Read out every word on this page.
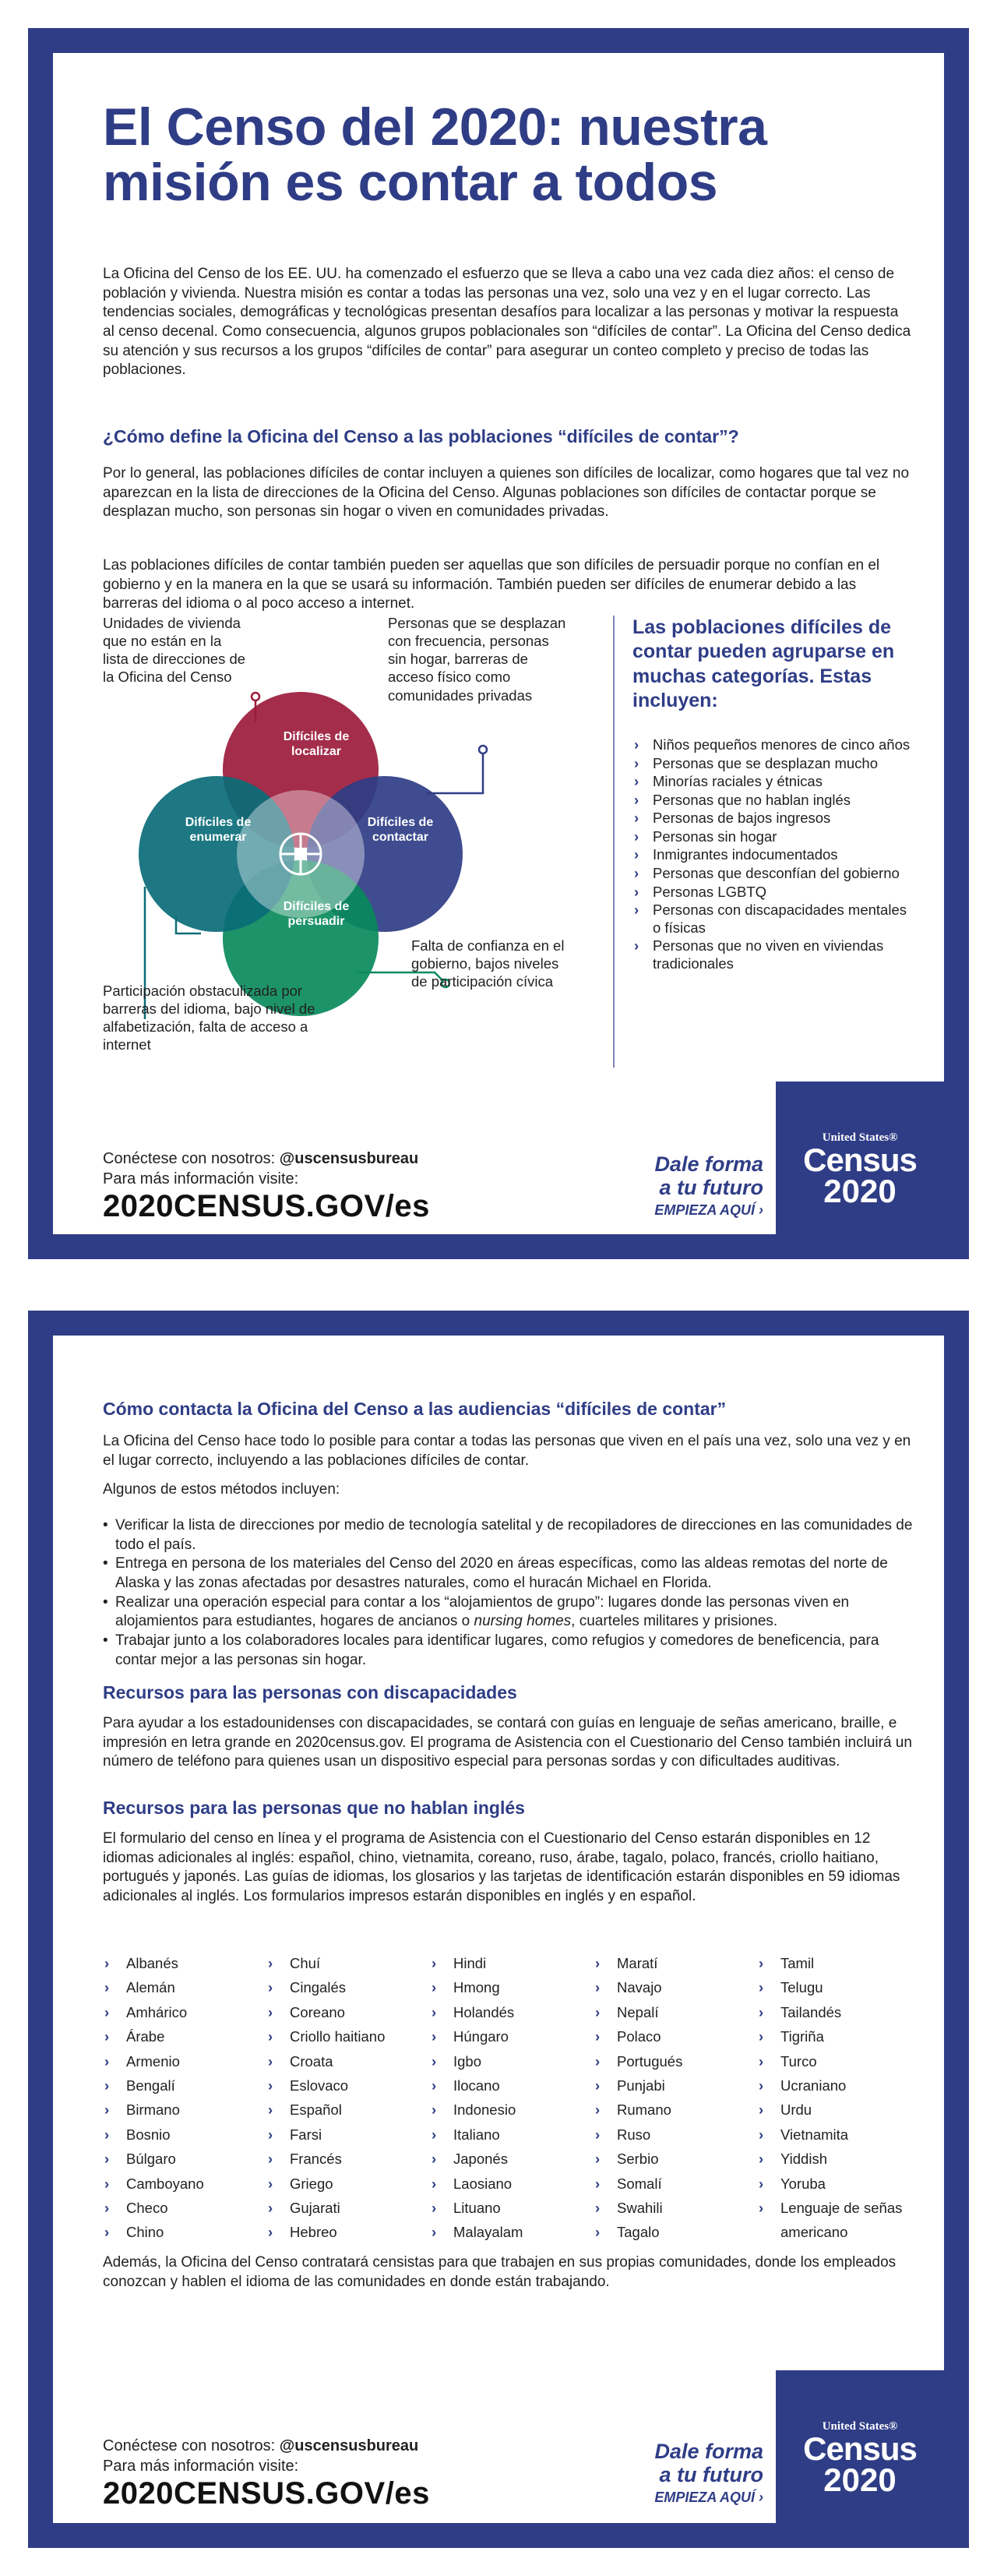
El Censo del 2020: nuestra misión es contar a todos
La Oficina del Censo de los EE. UU. ha comenzado el esfuerzo que se lleva a cabo una vez cada diez años: el censo de población y vivienda. Nuestra misión es contar a todas las personas una vez, solo una vez y en el lugar correcto. Las tendencias sociales, demográficas y tecnológicas presentan desafíos para localizar a las personas y motivar la respuesta al censo decenal. Como consecuencia, algunos grupos poblacionales son “difíciles de contar”. La Oficina del Censo dedica su atención y sus recursos a los grupos “difíciles de contar” para asegurar un conteo completo y preciso de todas las poblaciones.
¿Cómo define la Oficina del Censo a las poblaciones “difíciles de contar”?
Por lo general, las poblaciones difíciles de contar incluyen a quienes son difíciles de localizar, como hogares que tal vez no aparezcan en la lista de direcciones de la Oficina del Censo. Algunas poblaciones son difíciles de contactar porque se desplazan mucho, son personas sin hogar o viven en comunidades privadas.
Las poblaciones difíciles de contar también pueden ser aquellas que son difíciles de persuadir porque no confían en el gobierno y en la manera en la que se usará su información. También pueden ser difíciles de enumerar debido a las barreras del idioma o al poco acceso a internet.
Difíciles de localizar
Difíciles de contactar
Difíciles de persuadir
Difíciles de enumerar
Unidades de vivienda que no están en la lista de direcciones de la Oficina del Censo
Personas que se desplazan con frecuencia, personas sin hogar, barreras de acceso físico como comunidades privadas
Falta de confianza en el gobierno, bajos niveles de participación cívica
Participación obstaculizada por barreras del idioma, bajo nivel de alfabetización, falta de acceso a internet
Las poblaciones difíciles de contar pueden agruparse en muchas categorías. Estas incluyen:
› Niños pequeños menores de cinco años
› Personas que se desplazan mucho
› Minorías raciales y étnicas
› Personas que no hablan inglés
› Personas de bajos ingresos
› Personas sin hogar
› Inmigrantes indocumentados
› Personas que desconfían del gobierno
› Personas LGBTQ
› Personas con discapacidades mentales o físicas
› Personas que no viven en viviendas tradicionales
Conéctese con nosotros: @uscensusbureau
Para más información visite:
2020CENSUS.GOV/es
Dale forma
a tu futuro
EMPIEZA AQUÍ ›
United States®
Census
2020
Cómo contacta la Oficina del Censo a las audiencias “difíciles de contar”
La Oficina del Censo hace todo lo posible para contar a todas las personas que viven en el país una vez, solo una vez y en el lugar correcto, incluyendo a las poblaciones difíciles de contar.
Algunos de estos métodos incluyen:
• Verificar la lista de direcciones por medio de tecnología satelital y de recopiladores de direcciones en las comunidades de todo el país.
• Entrega en persona de los materiales del Censo del 2020 en áreas específicas, como las aldeas remotas del norte de Alaska y las zonas afectadas por desastres naturales, como el huracán Michael en Florida.
• Realizar una operación especial para contar a los “alojamientos de grupo”: lugares donde las personas viven en alojamientos para estudiantes, hogares de ancianos o nursing homes, cuarteles militares y prisiones.
• Trabajar junto a los colaboradores locales para identificar lugares, como refugios y comedores de beneficencia, para contar mejor a las personas sin hogar.
Recursos para las personas con discapacidades
Para ayudar a los estadounidenses con discapacidades, se contará con guías en lenguaje de señas americano, braille, e impresión en letra grande en 2020census.gov. El programa de Asistencia con el Cuestionario del Censo también incluirá un número de teléfono para quienes usan un dispositivo especial para personas sordas y con dificultades auditivas.
Recursos para las personas que no hablan inglés
El formulario del censo en línea y el programa de Asistencia con el Cuestionario del Censo estarán disponibles en 12 idiomas adicionales al inglés: español, chino, vietnamita, coreano, ruso, árabe, tagalo, polaco, francés, criollo haitiano, portugués y japonés. Las guías de idiomas, los glosarios y las tarjetas de identificación estarán disponibles en 59 idiomas adicionales al inglés. Los formularios impresos estarán disponibles en inglés y en español.
› Albanés
› Alemán
› Amhárico
› Árabe
› Armenio
› Bengalí
› Birmano
› Bosnio
› Búlgaro
› Camboyano
› Checo
› Chino
› Chuí
› Cingalés
› Coreano
› Criollo haitiano
› Croata
› Eslovaco
› Español
› Farsi
› Francés
› Griego
› Gujarati
› Hebreo
› Hindi
› Hmong
› Holandés
› Húngaro
› Igbo
› Ilocano
› Indonesio
› Italiano
› Japonés
› Laosiano
› Lituano
› Malayalam
› Maratí
› Navajo
› Nepalí
› Polaco
› Portugués
› Punjabi
› Rumano
› Ruso
› Serbio
› Somalí
› Swahili
› Tagalo
› Tamil
› Telugu
› Tailandés
› Tigriña
› Turco
› Ucraniano
› Urdu
› Vietnamita
› Yiddish
› Yoruba
› Lenguaje de señas
americano
Además, la Oficina del Censo contratará censistas para que trabajen en sus propias comunidades, donde los empleados conozcan y hablen el idioma de las comunidades en donde están trabajando.
Conéctese con nosotros: @uscensusbureau
Para más información visite:
2020CENSUS.GOV/es
Dale forma
a tu futuro
EMPIEZA AQUÍ ›
United States®
Census
2020
